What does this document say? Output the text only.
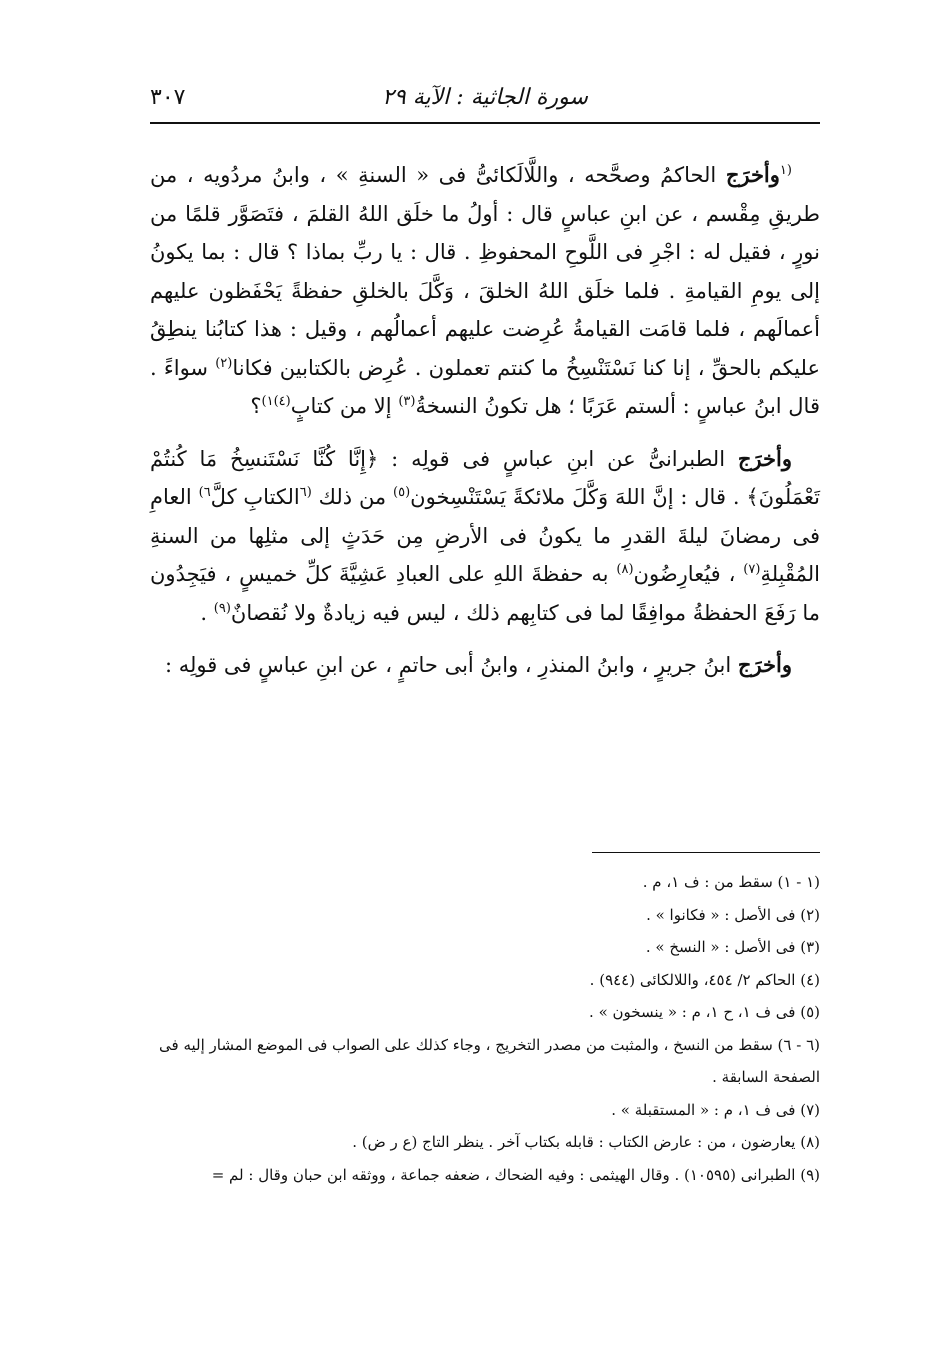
سورة الجاثية : الآية ٢٩
٣٠٧

$^{(١}$وأخرَج الحاكمُ وصحَّحه ، واللَّالَكائىُّ فى « السنةِ » ، وابنُ مردُويه ، من طريقِ مِقْسم ، عن ابنِ عباسٍ قال : أولُ ما خلَق اللهُ القلمَ ، فتَصَوَّر قلمًا من نورٍ ، فقيل له : اجْرِ فى اللَّوحِ المحفوظِ . قال : يا ربِّ بماذا ؟ قال : بما يكونُ إلى يومِ القيامةِ . فلما خلَق اللهُ الخلقَ ، وَكَّلَ بالخلقِ حفظةً يَحْفَظون عليهم أعمالَهم ، فلما قامَت القيامةُ عُرِضت عليهم أعمالُهم ، وقيل : هذا كتابُنا ينطِقُ عليكم بالحقِّ ، إنا كنا نَسْتَنْسِخُ ما كنتم تعملون . عُرِض بالكتابين فكانا$^{(٢)}$ سواءً . قال ابنُ عباسٍ : ألستم عَرَبًا ؛ هل تكونُ النسخةُ$^{(٣)}$ إلا من كتابٍ$^{(٤)١)}$؟

وأخرَج الطبرانىُّ عن ابنِ عباسٍ فى قولِه : ﴿إِنَّا كُنَّا نَسْتَنسِخُ مَا كُنتُمْ تَعْمَلُونَ﴾ . قال : إنَّ اللهَ وَكَّلَ ملائكةً يَسْتَنْسِخون$^{(٥)}$ من ذلك $^{(٦}$الكتابِ كلَّ$^{٦)}$ العامِ فى رمضانَ ليلةَ القدرِ ما يكونُ فى الأرضِ مِن حَدَثٍ إلى مثلِها من السنةِ المُقْبِلةِ$^{(٧)}$ ، فيُعارِضُون$^{(٨)}$ به حفظةَ اللهِ على العبادِ عَشِيَّةَ كلِّ خميسٍ ، فيَجِدُون ما رَفَعَ الحفظةُ موافِقًا لما فى كتابِهم ذلك ، ليس فيه زيادةٌ ولا نُقصانٌ$^{(٩)}$ .

وأخرَج ابنُ جريرٍ ، وابنُ المنذرِ ، وابنُ أبى حاتمٍ ، عن ابنِ عباسٍ فى قولِه :

(١ - ١) سقط من : ف ١، م .

(٢) فى الأصل : « فكانوا » .

(٣) فى الأصل : « النسخ » .

(٤) الحاكم ٢/ ٤٥٤، واللالكائى (٩٤٤) .

(٥) فى ف ١، ح ١، م : « ينسخون » .

(٦ - ٦) سقط من النسخ ، والمثبت من مصدر التخريج ، وجاء كذلك على الصواب فى الموضع المشار إليه فى الصفحة السابقة .

(٧) فى ف ١، م : « المستقبلة » .

(٨) يعارضون ، من : عارض الكتاب : قابله بكتاب آخر . ينظر التاج (ع ر ض) .

(٩) الطبرانى (١٠٥٩٥) . وقال الهيثمى : وفيه الضحاك ، ضعفه جماعة ، ووثقه ابن حبان وقال : لم =
